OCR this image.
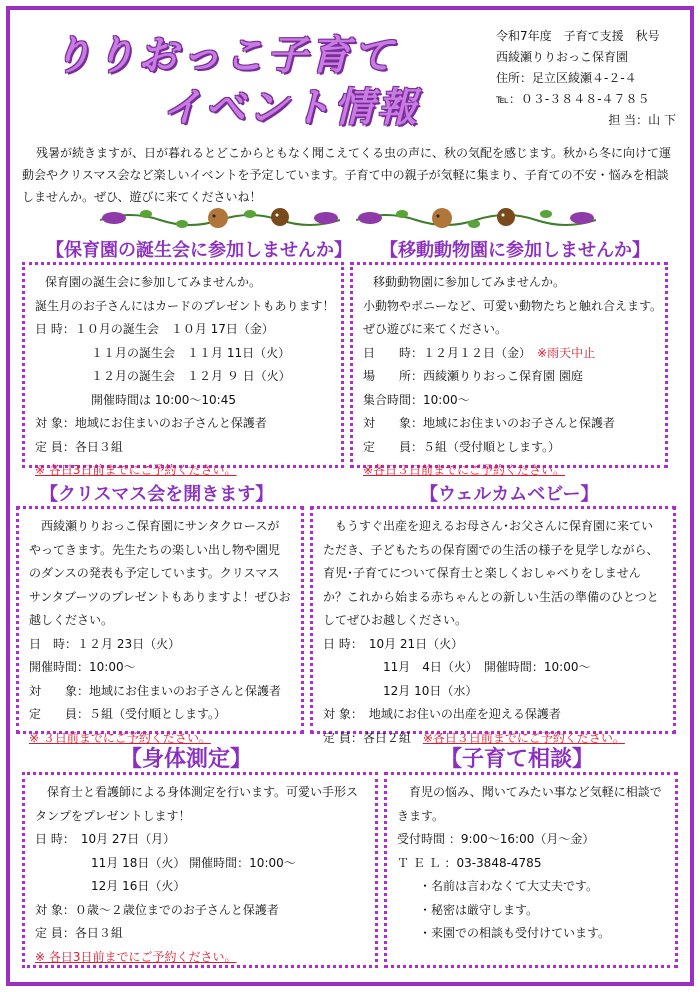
りりおっこ子育て
イベント情報
令和7年度　子育て支援　秋号
西綾瀬りりおっこ保育園
住所：足立区綾瀬４-２-４
℡：０３-３８４８-４７８５
担 当：山 下
残暑が続きますが、日が暮れるとどこからともなく聞こえてくる虫の声に、秋の気配を感じます。秋から冬に向けて運動会やクリスマス会など楽しいイベントを予定しています。子育て中の親子が気軽に集まり、子育ての不安・悩みを相談しませんか。ぜひ、遊びに来てくださいね！
【保育園の誕生会に参加しませんか】

保育園の誕生会に参加してみませんか。

誕生月のお子さんにはカードのプレゼントもあります！

日 時：１０月の誕生会　１０月 17日（金）

１１月の誕生会　１１月 11日（火）

１２月の誕生会　１２月 ９ 日（火）

開催時間は 10:00～10:45

対 象：地域にお住まいのお子さんと保護者

定 員：各日３組

※ 各日3日前までにご予約ください。

【移動動物園に参加しませんか】

移動動物園に参加してみませんか。

小動物やポニーなど、可愛い動物たちと触れ合えます。

ぜひ遊びに来てください。

日　　時：１２月１２日（金）　 ※雨天中止

場　　所：西綾瀬りりおっこ保育園 園庭

集合時間：10:00～

対　　象：地域にお住まいのお子さんと保護者

定　　員：５組（受付順とします。）

※各日３日前までにご予約ください。

【クリスマス会を開きます】

西綾瀬りりおっこ保育園にサンタクロースがやってきます。先生たちの楽しい出し物や園児のダンスの発表も予定しています。クリスマスサンタブーツのプレゼントもありますよ！ぜひお越しください。

日　時：１２月 23日（火）

開催時間：10:00～

対　　象：地域にお住まいのお子さんと保護者

定　　員：５組（受付順とします。）

※ ３日前までにご予約ください。

【ウェルカムベビー】

もうすぐ出産を迎えるお母さん･お父さんに保育園に来ていただき、子どもたちの保育園での生活の様子を見学しながら、育児･子育てについて保育士と楽しくおしゃべりをしませんか？これから始まる赤ちゃんとの新しい生活の準備のひとつとしてぜひお越しください。

日 時：　10月 21日（火）

11月　4日（火）　開催時間：10:00～

12月 10日（水）

対 象：　地域にお住いの出産を迎える保護者

定 員：各日２組　 ※各日３日前までにご予約ください。

【身体測定】

保育士と看護師による身体測定を行います。可愛い手形スタンプをプレゼントします！

日 時：　10月 27日（月）

11月 18日（火） 開催時間：10:00～

12月 16日（火）

対 象：０歳～２歳位までのお子さんと保護者

定 員：各日３組

※ 各日3日前までにご予約ください。

【子育て相談】

育児の悩み、聞いてみたい事など気軽に相談できます。

受付時間 ：9:00～16:00（月～金）

Ｔ Ｅ Ｌ ：03-3848-4785

・名前は言わなくて大丈夫です。

・秘密は厳守します。

・来園での相談も受付けています。
